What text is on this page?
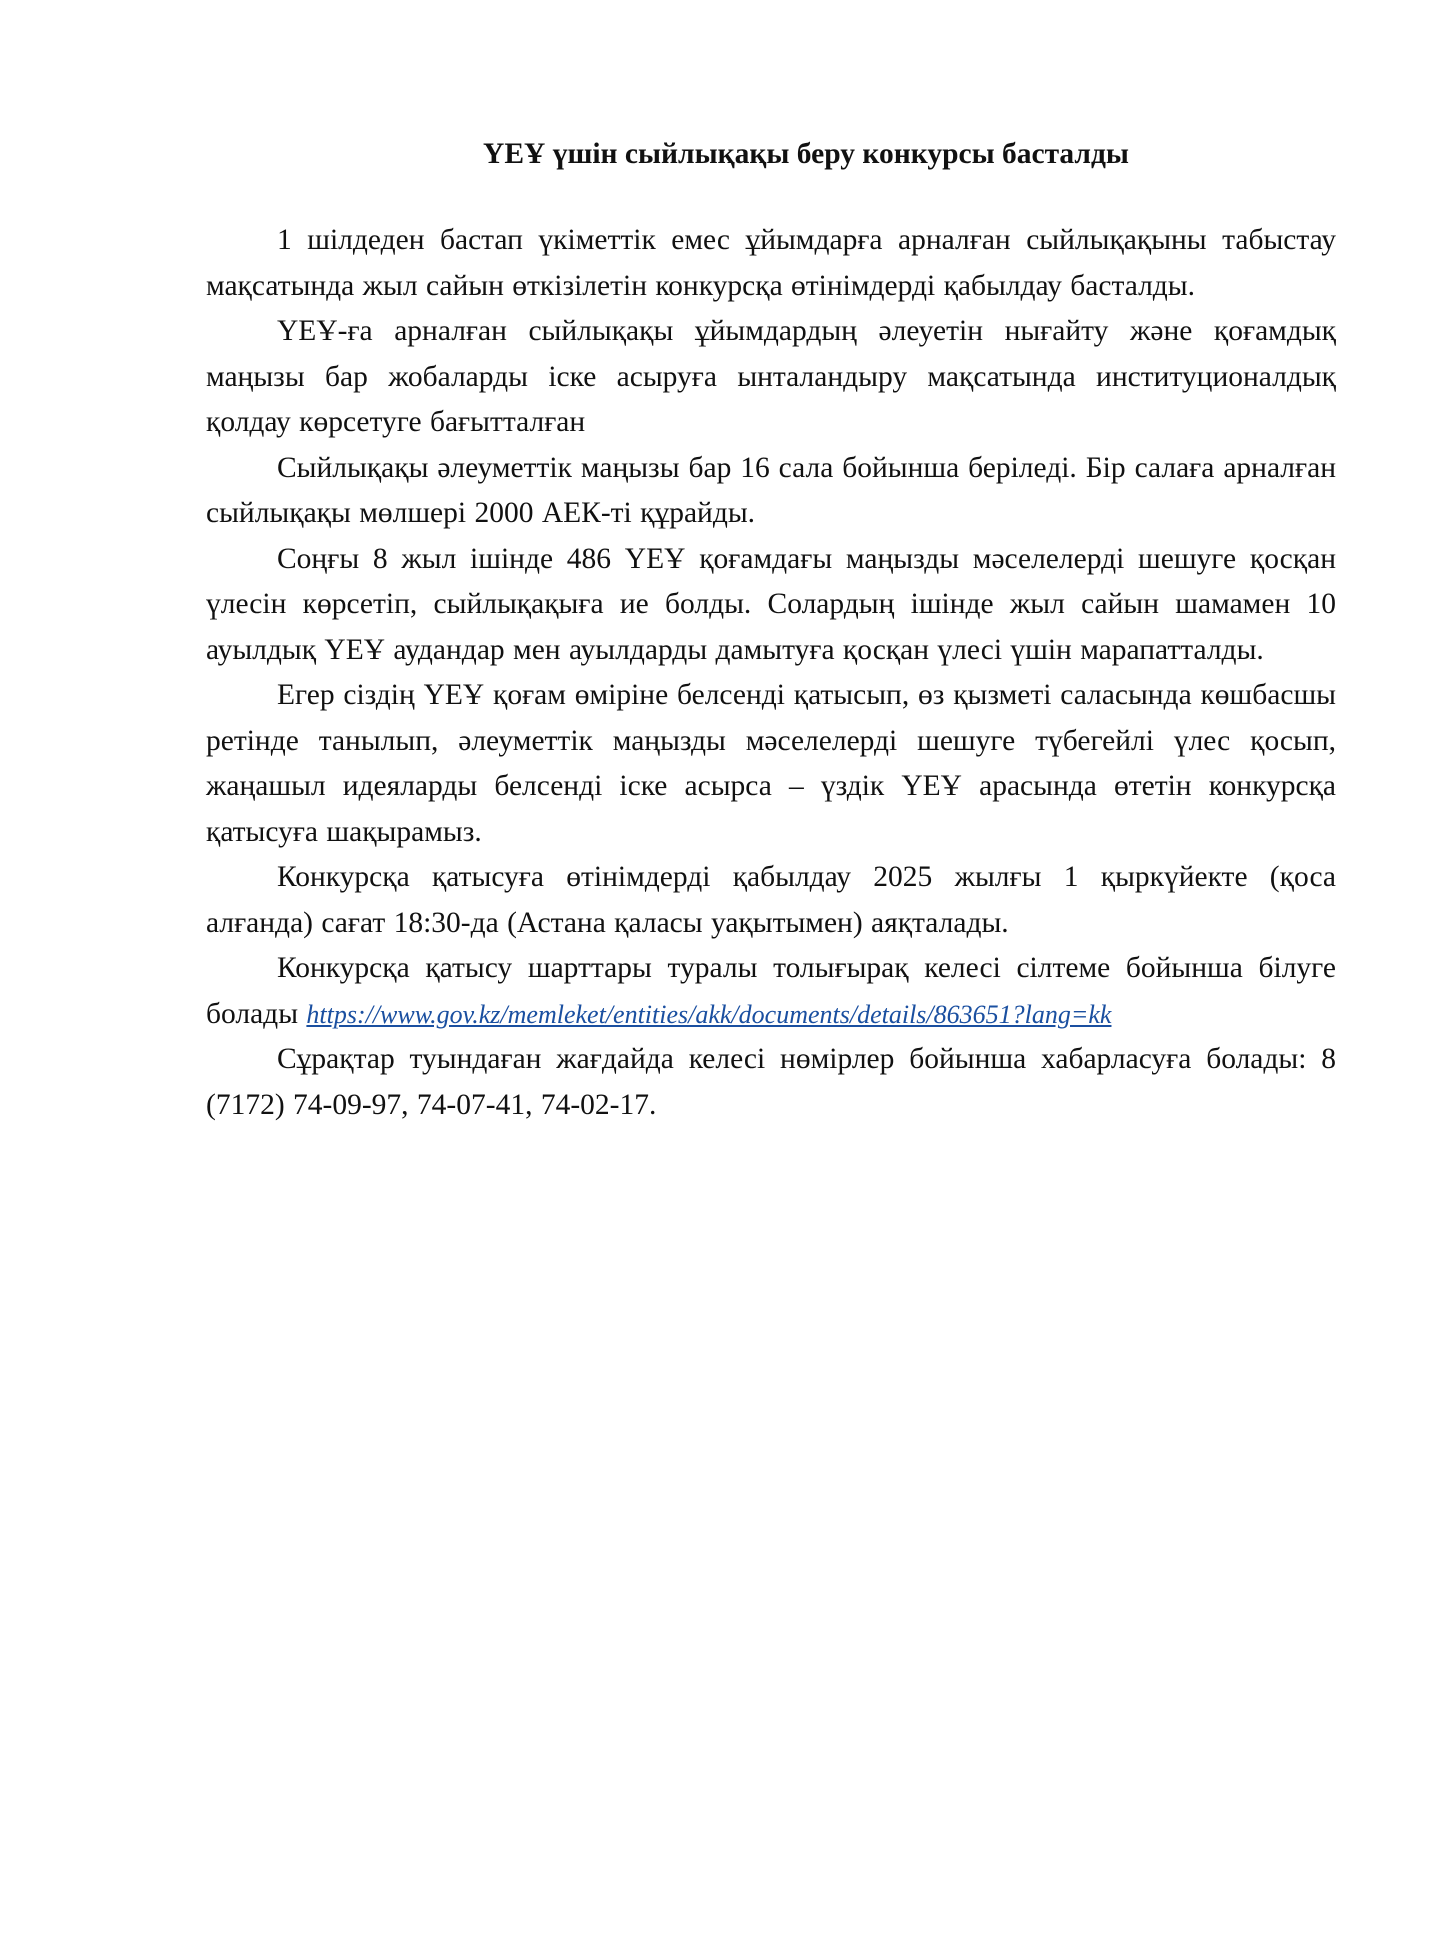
ҮЕҰ үшін сыйлықақы беру конкурсы басталды

1 шілдеден бастап үкіметтік емес ұйымдарға арналған сыйлықақыны табыстау мақсатында жыл сайын өткізілетін конкурсқа өтінімдерді қабылдау басталды.

ҮЕҰ-ға арналған сыйлықақы ұйымдардың әлеуетін нығайту және қоғамдық маңызы бар жобаларды іске асыруға ынталандыру мақсатында институционалдық қолдау көрсетуге бағытталған

Сыйлықақы әлеуметтік маңызы бар 16 сала бойынша беріледі. Бір салаға арналған сыйлықақы мөлшері 2000 АЕК-ті құрайды.

Соңғы 8 жыл ішінде 486 ҮЕҰ қоғамдағы маңызды мәселелерді шешуге қосқан үлесін көрсетіп, сыйлықақыға ие болды. Солардың ішінде жыл сайын шамамен 10 ауылдық ҮЕҰ аудандар мен ауылдарды дамытуға қосқан үлесі үшін марапатталды.

Егер сіздің ҮЕҰ қоғам өміріне белсенді қатысып, өз қызметі саласында көшбасшы ретінде танылып, әлеуметтік маңызды мәселелерді шешуге түбегейлі үлес қосып, жаңашыл идеяларды белсенді іске асырса – үздік ҮЕҰ арасында өтетін конкурсқа қатысуға шақырамыз.

Конкурсқа қатысуға өтінімдерді қабылдау 2025 жылғы 1 қыркүйекте (қоса алғанда) сағат 18:30-да (Астана қаласы уақытымен) аяқталады.

Конкурсқа қатысу шарттары туралы толығырақ келесі сілтеме бойынша білуге болады https://www.gov.kz/memleket/entities/akk/documents/details/863651?lang=kk

Сұрақтар туындаған жағдайда келесі нөмірлер бойынша хабарласуға болады: 8 (7172) 74-09-97, 74-07-41, 74-02-17.
